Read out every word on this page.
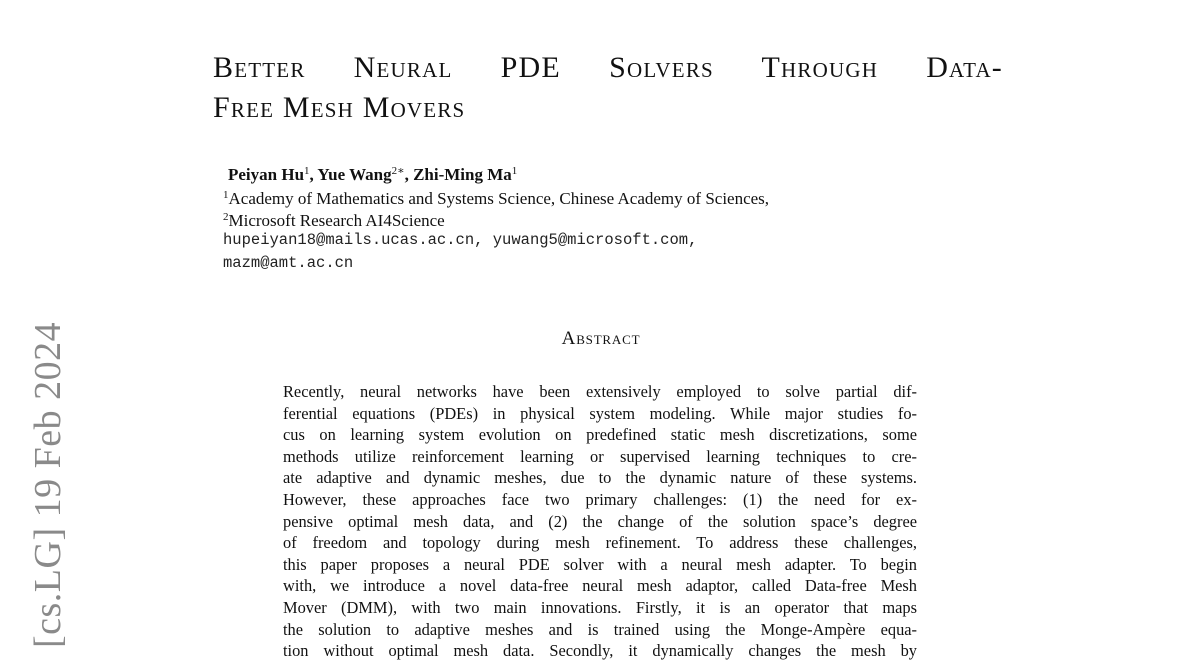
[cs.LG] 19 Feb 2024
Better Neural PDE Solvers Through Data-
Free Mesh Movers
Peiyan Hu$^1$, Yue Wang$^{2∗}$, Zhi-Ming Ma$^1$
$^1$Academy of Mathematics and Systems Science, Chinese Academy of Sciences,
$^2$Microsoft Research AI4Science
hupeiyan18@mails.ucas.ac.cn, yuwang5@microsoft.com,
mazm@amt.ac.cn
Abstract
Recently, neural networks have been extensively employed to solve partial dif-
ferential equations (PDEs) in physical system modeling. While major studies fo-
cus on learning system evolution on predefined static mesh discretizations, some
methods utilize reinforcement learning or supervised learning techniques to cre-
ate adaptive and dynamic meshes, due to the dynamic nature of these systems.
However, these approaches face two primary challenges: (1) the need for ex-
pensive optimal mesh data, and (2) the change of the solution space’s degree
of freedom and topology during mesh refinement. To address these challenges,
this paper proposes a neural PDE solver with a neural mesh adapter. To begin
with, we introduce a novel data-free neural mesh adaptor, called Data-free Mesh
Mover (DMM), with two main innovations. Firstly, it is an operator that maps
the solution to adaptive meshes and is trained using the Monge-Ampère equa-
tion without optimal mesh data. Secondly, it dynamically changes the mesh by
